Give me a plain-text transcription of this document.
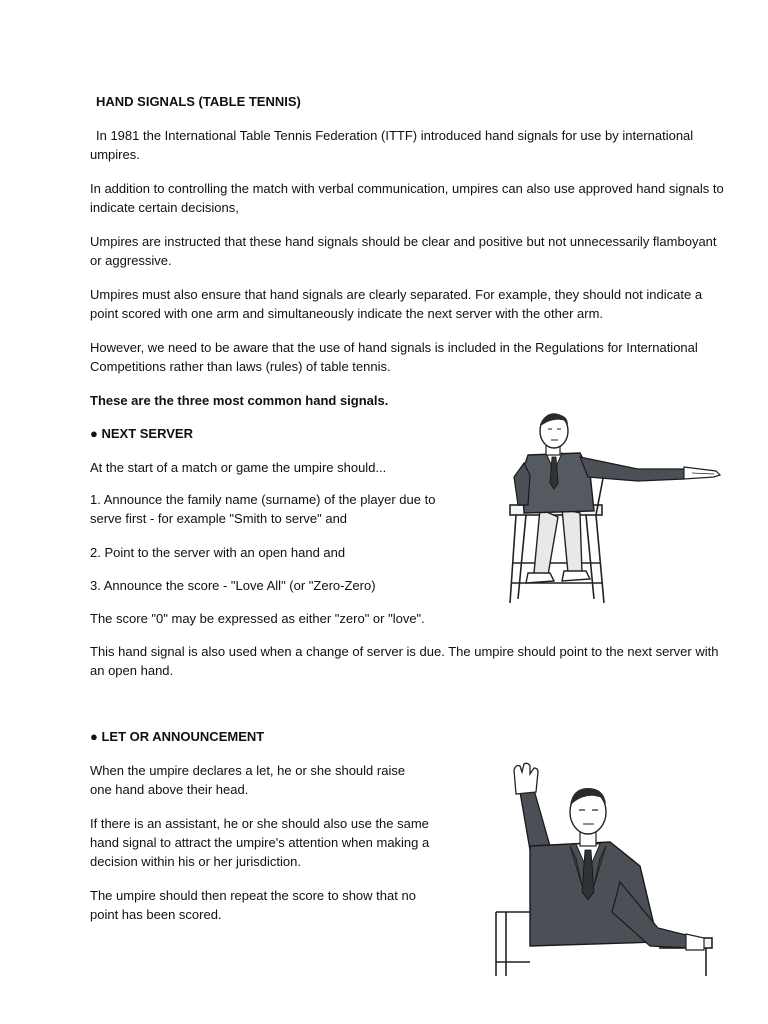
HAND SIGNALS (TABLE TENNIS)

In 1981 the International Table Tennis Federation (ITTF) introduced hand signals for use by international umpires.

In addition to controlling the match with verbal communication, umpires can also use approved hand signals to indicate certain decisions,

Umpires are instructed that these hand signals should be clear and positive but not unnecessarily flamboyant or aggressive.

Umpires must also ensure that hand signals are clearly separated. For example, they should not indicate a point scored with one arm and simultaneously indicate the next server with the other arm.

However, we need to be aware that the use of hand signals is included in the Regulations for International Competitions rather than laws (rules) of table tennis.

These are the three most common hand signals.

● NEXT SERVER

At the start of a match or game the umpire should...

1. Announce the family name (surname) of the player due to serve first - for example "Smith to serve" and

2. Point to the server with an open hand and

3. Announce the score - "Love All" (or "Zero-Zero)

The score "0" may be expressed as either "zero" or "love".

This hand signal is also used when a change of server is due. The umpire should point to the next server with an open hand.

● LET OR ANNOUNCEMENT

When the umpire declares a let, he or she should raise one hand above their head.

If there is an assistant, he or she should also use the same hand signal to attract the umpire's attention when making a decision within his or her jurisdiction.

The umpire should then repeat the score to show that no point has been scored.
